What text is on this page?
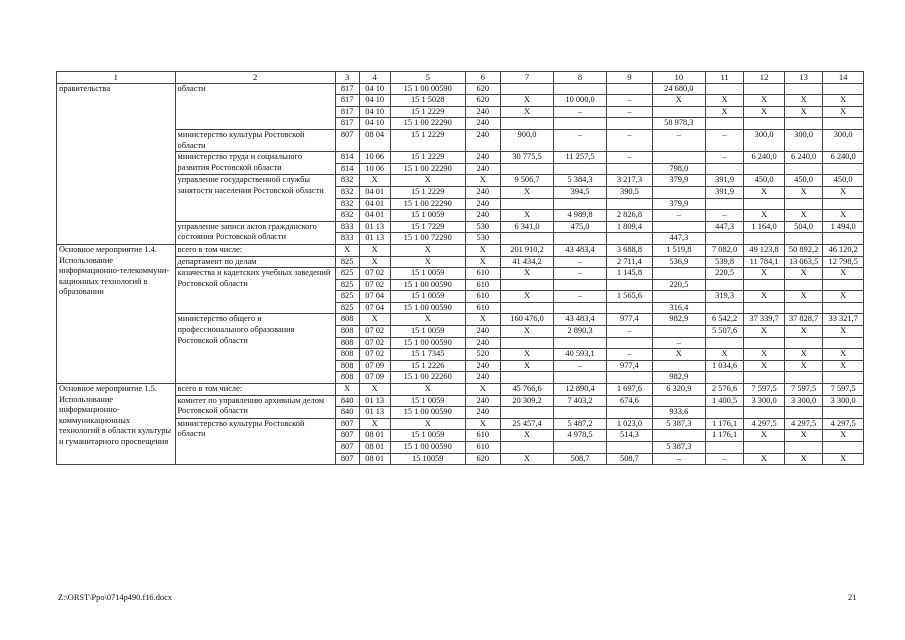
1	2	3	4	5	6	7	8	9	10	11	12	13	14
правительства	области	817	04 10	15 1 00 00590	620				24 680,0				
		817	04 10	15 1 5028	620	Х	10 000,0	–	Х	Х	Х	Х	Х
		817	04 10	15 1 2229	240	Х	–	–		Х	Х	Х	Х
		817	04 10	15 1 00 22290	240				58 978,3				
	министерство культуры Ростовской области	807	08 04	15 1 2229	240	900,0	–	–	–	–	300,0	300,0	300,0
	министерство труда и социального развития Ростовской области	814	10 06	15 1 2229	240	30 775,5	11 257,5	–		–	6 240,0	6 240,0	6 240,0
		814	10 06	15 1 00 22290	240				798,0				
	управление государственной службы занятости населения Ростовской области	832	Х	Х	Х	9 506,7	5 384,3	3 217,3	379,9	391,9	450,0	450,0	450,0
		832	04 01	15 1 2229	240	Х	394,5	390,5		391,9	Х	Х	Х
		832	04 01	15 1 00 22290	240				379,9				
		832	04 01	15 1 0059	240	Х	4 989,8	2 826,8	–	–	Х	Х	Х
	управление записи актов гражданского состояния Ростовской области	833	01 13	15 1 7229	530	6 341,0	475,0	1 809,4		447,3	1 164,0	504,0	1 494,0
		833	01 13	15 1 00 72290	530				447,3				
Основное мероприятие 1.4. Использование информационно-телекоммуни-кационных технологий в образовании	всего в том числе:	Х	Х	Х	Х	201 910,2	43 483,4	3 688,8	1 519,8	7 082,0	49 123,8	50 892,2	46 120,2
	департамент по делам	825	Х	Х	Х	41 434,2	–	2 711,4	536,9	539,8	11 784,1	13 063,5	12 798,5
	казачества и кадетских учебных заведений Ростовской области	825	07 02	15 1 0059	610	Х	–	1 145,8		220,5	Х	Х	Х
		825	07 02	15 1 00 00590	610				220,5				
		825	07 04	15 1 0059	610	Х	–	1 565,6		319,3	Х	Х	Х
		825	07 04	15 1 00 00590	610				316,4				
	министерство общего и профессионального образования Ростовской области	808	Х	Х	Х	160 476,0	43 483,4	977,4	982,9	6 542,2	37 339,7	37 828,7	33 321,7
		808	07 02	15 1 0059	240	Х	2 890,3	–		5 507,6	Х	Х	Х
		808	07 02	15 1 00 00590	240				–				
		808	07 02	15 1 7345	520	Х	40 593,1	–	Х	Х	Х	Х	Х
		808	07 09	15 1 2226	240	Х	–	977,4		1 034,6	Х	Х	Х
		808	07 09	15 1 00 22260	240				982,9				
Основное мероприятие 1.5. Использование информационно-коммуникационных технологий в области культуры и гуманитарного просвещения	всего в том числе:	Х	Х	Х	Х	45 766,6	12 890,4	1 697,6	6 320,9	2 576,6	7 597,5	7 597,5	7 597,5
	комитет по управлению архивным делом Ростовской области	840	01 13	15 1 0059	240	20 309,2	7 403,2	674,6		1 400,5	3 300,0	3 300,0	3 300,0
		840	01 13	15 1 00 00590	240				933,6				
	министерство культуры Ростовской области	807	Х	Х	Х	25 457,4	5 487,2	1 023,0	5 387,3	1 176,1	4 297,5	4 297,5	4 297,5
		807	08 01	15 1 0059	610	Х	4 978,5	514,3		1 176,1	Х	Х	Х
		807	08 01	15 1 00 00590	610				5 387,3				
		807	08 01	15 10059	620	Х	508,7	508,7	–	–	Х	Х	Х
Z:\ORST\Ppo\0714p490.f16.docx	21
